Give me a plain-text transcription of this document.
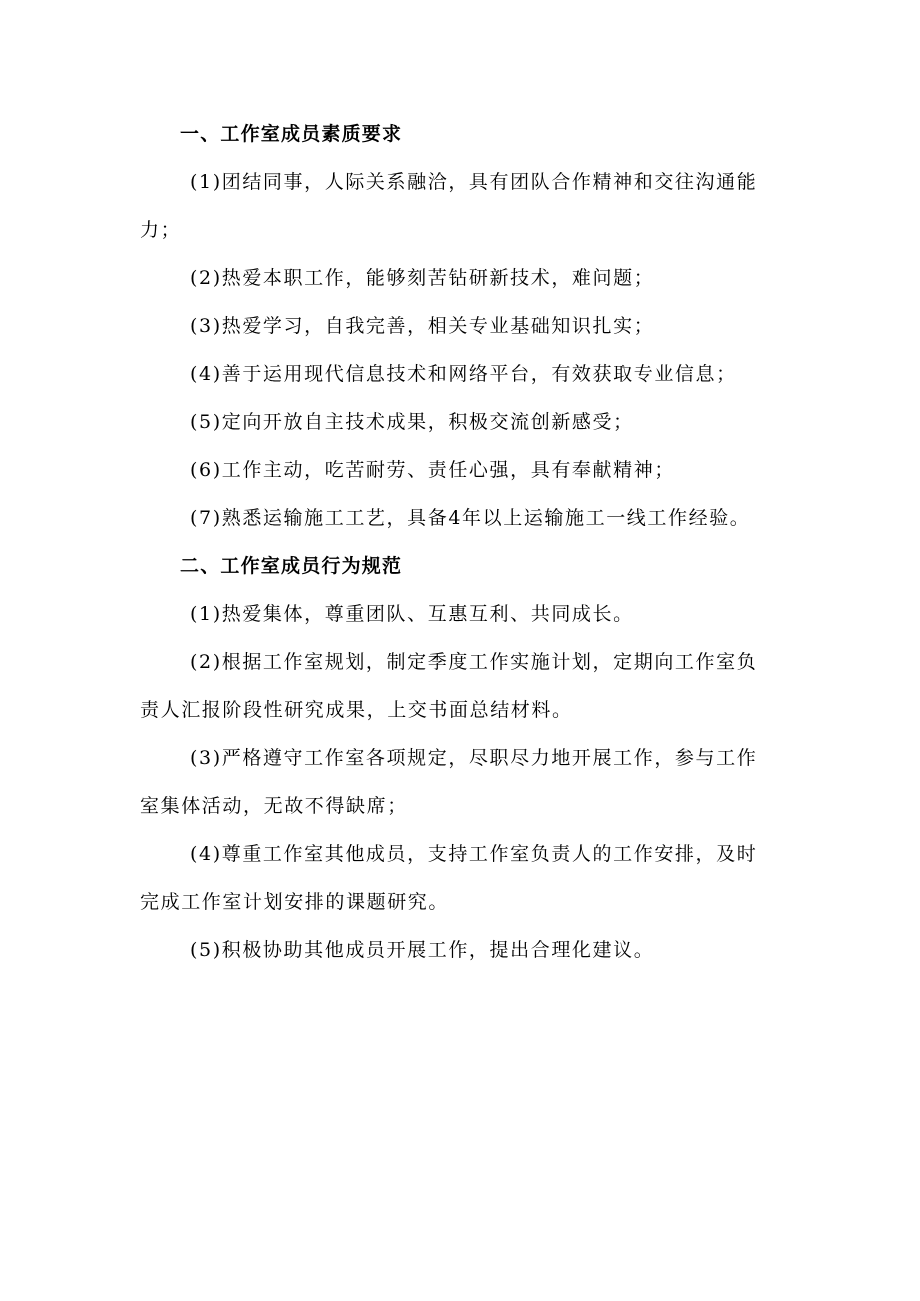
一、工作室成员素质要求
(1)团结同事，人际关系融洽，具有团队合作精神和交往沟通能
力；
(2)热爱本职工作，能够刻苦钻研新技术，难问题；
(3)热爱学习，自我完善，相关专业基础知识扎实；
(4)善于运用现代信息技术和网络平台，有效获取专业信息；
(5)定向开放自主技术成果，积极交流创新感受；
(6)工作主动，吃苦耐劳、责任心强，具有奉献精神；
(7)熟悉运输施工工艺，具备4年以上运输施工一线工作经验。
二、工作室成员行为规范
(1)热爱集体，尊重团队、互惠互利、共同成长。
(2)根据工作室规划，制定季度工作实施计划，定期向工作室负
责人汇报阶段性研究成果，上交书面总结材料。
(3)严格遵守工作室各项规定，尽职尽力地开展工作，参与工作
室集体活动，无故不得缺席；
(4)尊重工作室其他成员，支持工作室负责人的工作安排，及时
完成工作室计划安排的课题研究。
(5)积极协助其他成员开展工作，提出合理化建议。
